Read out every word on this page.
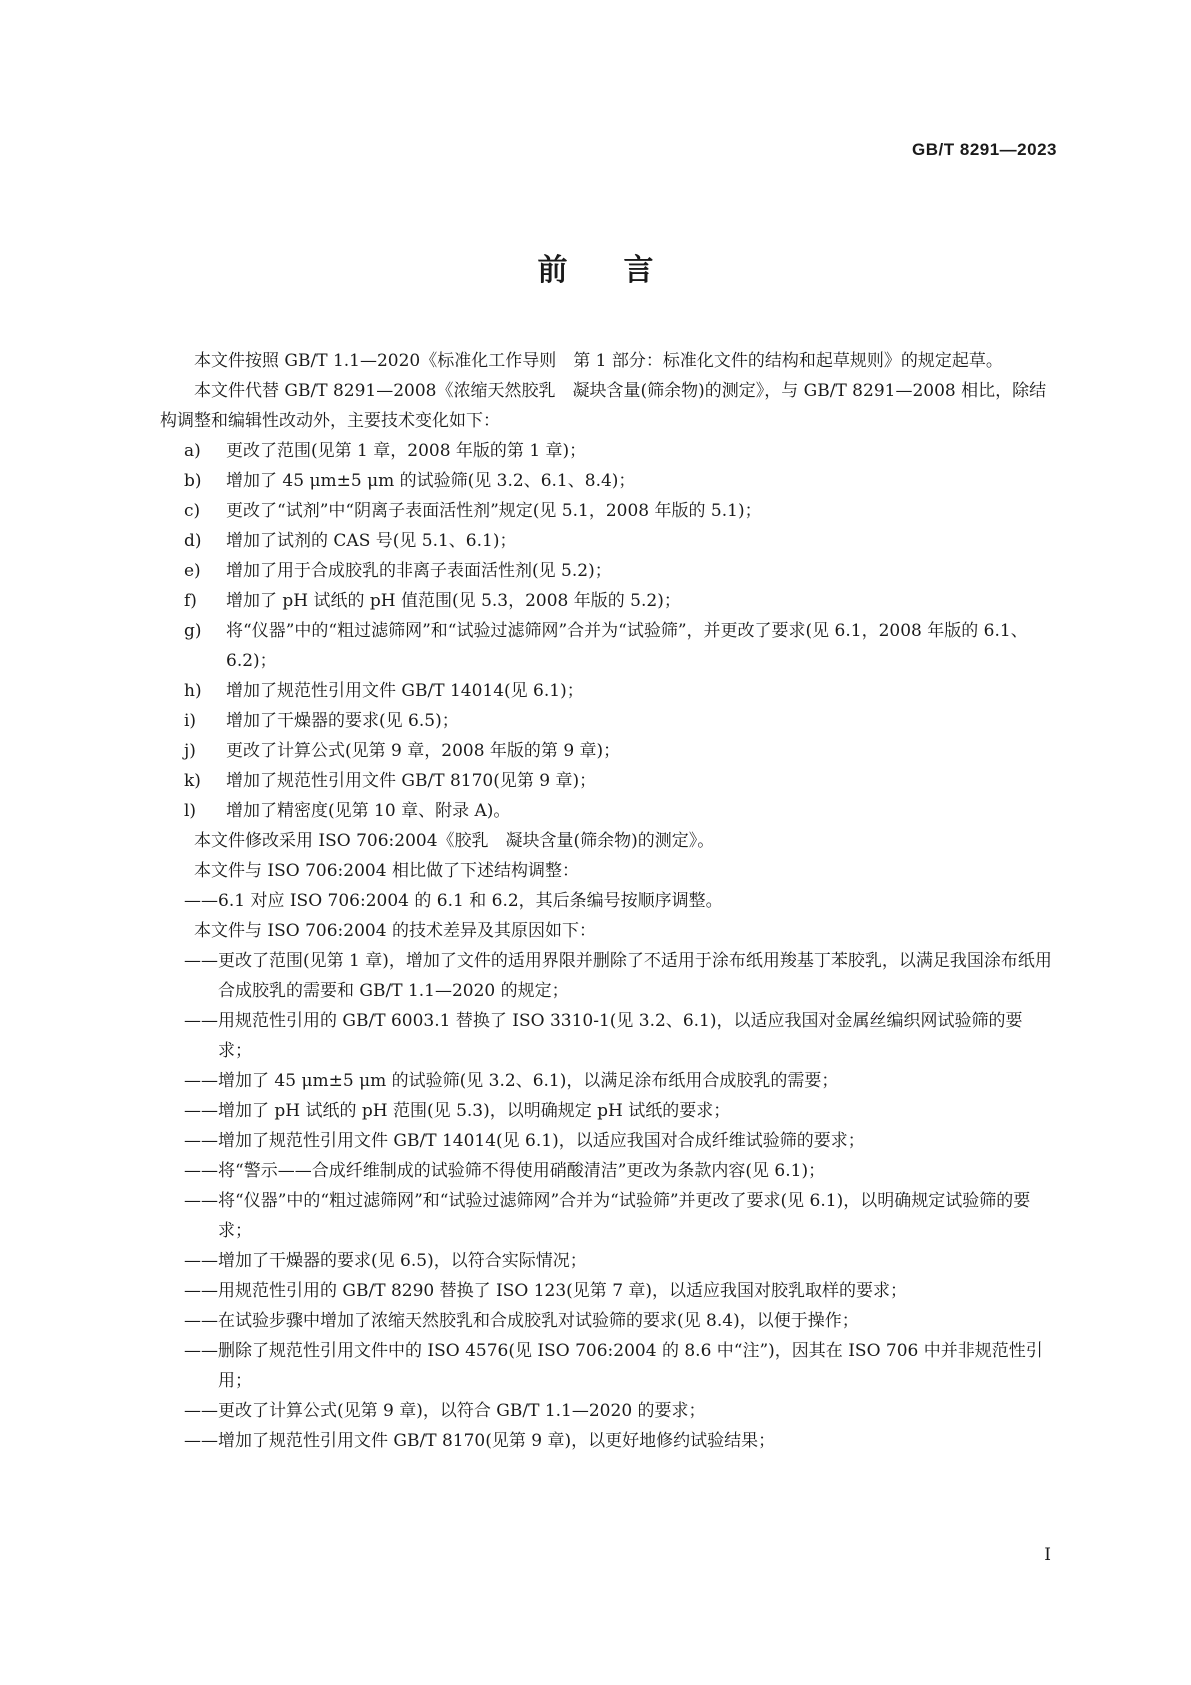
GB/T 8291—2023
前言

本文件按照 GB/T 1.1—2020《标准化工作导则　第 1 部分：标准化文件的结构和起草规则》的规定起草。

本文件代替 GB/T 8291—2008《浓缩天然胶乳　凝块含量(筛余物)的测定》，与 GB/T 8291—2008 相比，除结构调整和编辑性改动外，主要技术变化如下：

a) 更改了范围(见第 1 章，2008 年版的第 1 章)；

b) 增加了 45 μm±5 μm 的试验筛(见 3.2、6.1、8.4)；

c) 更改了“试剂”中“阴离子表面活性剂”规定(见 5.1，2008 年版的 5.1)；

d) 增加了试剂的 CAS 号(见 5.1、6.1)；

e) 增加了用于合成胶乳的非离子表面活性剂(见 5.2)；

f) 增加了 pH 试纸的 pH 值范围(见 5.3，2008 年版的 5.2)；

g) 将“仪器”中的“粗过滤筛网”和“试验过滤筛网”合并为“试验筛”，并更改了要求(见 6.1，2008 年版的 6.1、6.2)；

h) 增加了规范性引用文件 GB/T 14014(见 6.1)；

i) 增加了干燥器的要求(见 6.5)；

j) 更改了计算公式(见第 9 章，2008 年版的第 9 章)；

k) 增加了规范性引用文件 GB/T 8170(见第 9 章)；

l) 增加了精密度(见第 10 章、附录 A)。

本文件修改采用 ISO 706:2004《胶乳　凝块含量(筛余物)的测定》。

本文件与 ISO 706:2004 相比做了下述结构调整：

—— 6.1 对应 ISO 706:2004 的 6.1 和 6.2，其后条编号按顺序调整。

本文件与 ISO 706:2004 的技术差异及其原因如下：

—— 更改了范围(见第 1 章)，增加了文件的适用界限并删除了不适用于涂布纸用羧基丁苯胶乳，以满足我国涂布纸用合成胶乳的需要和 GB/T 1.1—2020 的规定；

—— 用规范性引用的 GB/T 6003.1 替换了 ISO 3310-1(见 3.2、6.1)，以适应我国对金属丝编织网试验筛的要求；

—— 增加了 45 μm±5 μm 的试验筛(见 3.2、6.1)，以满足涂布纸用合成胶乳的需要；

—— 增加了 pH 试纸的 pH 范围(见 5.3)，以明确规定 pH 试纸的要求；

—— 增加了规范性引用文件 GB/T 14014(见 6.1)，以适应我国对合成纤维试验筛的要求；

—— 将“警示——合成纤维制成的试验筛不得使用硝酸清洁”更改为条款内容(见 6.1)；

—— 将“仪器”中的“粗过滤筛网”和“试验过滤筛网”合并为“试验筛”并更改了要求(见 6.1)，以明确规定试验筛的要求；

—— 增加了干燥器的要求(见 6.5)，以符合实际情况；

—— 用规范性引用的 GB/T 8290 替换了 ISO 123(见第 7 章)，以适应我国对胶乳取样的要求；

—— 在试验步骤中增加了浓缩天然胶乳和合成胶乳对试验筛的要求(见 8.4)，以便于操作；

—— 删除了规范性引用文件中的 ISO 4576(见 ISO 706:2004 的 8.6 中“注”)，因其在 ISO 706 中并非规范性引用；

—— 更改了计算公式(见第 9 章)，以符合 GB/T 1.1—2020 的要求；

—— 增加了规范性引用文件 GB/T 8170(见第 9 章)，以更好地修约试验结果；

I
